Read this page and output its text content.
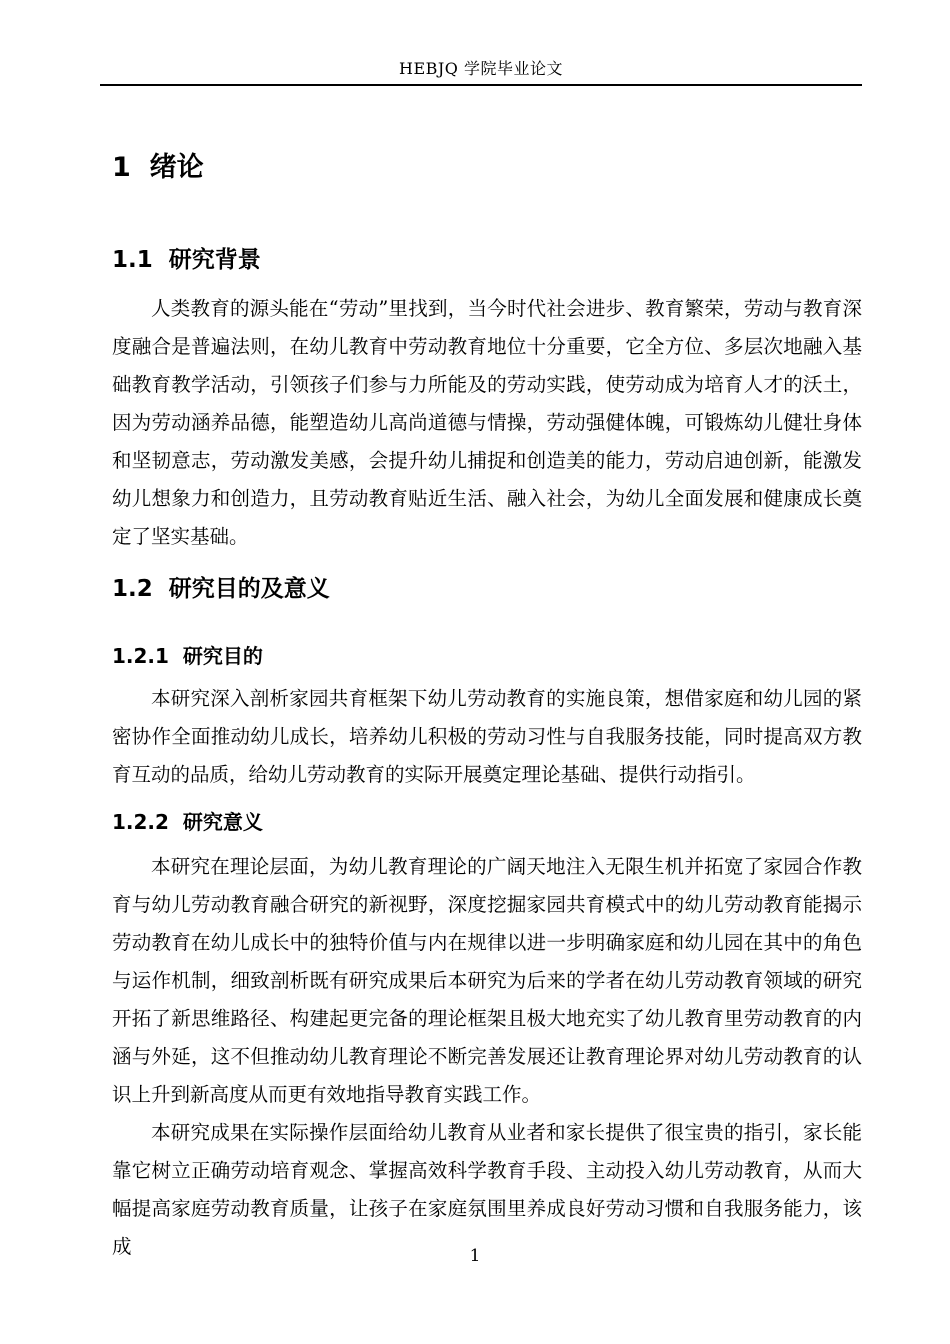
HEBJQ 学院毕业论文
1  绪论
1.1  研究背景

人类教育的源头能在“劳动”里找到，当今时代社会进步、教育繁荣，劳动与教育深度融合是普遍法则，在幼儿教育中劳动教育地位十分重要，它全方位、多层次地融入基础教育教学活动，引领孩子们参与力所能及的劳动实践，使劳动成为培育人才的沃土，因为劳动涵养品德，能塑造幼儿高尚道德与情操，劳动强健体魄，可锻炼幼儿健壮身体和坚韧意志，劳动激发美感，会提升幼儿捕捉和创造美的能力，劳动启迪创新，能激发幼儿想象力和创造力，且劳动教育贴近生活、融入社会，为幼儿全面发展和健康成长奠定了坚实基础。

1.2  研究目的及意义
1.2.1  研究目的

本研究深入剖析家园共育框架下幼儿劳动教育的实施良策，想借家庭和幼儿园的紧密协作全面推动幼儿成长，培养幼儿积极的劳动习性与自我服务技能，同时提高双方教育互动的品质，给幼儿劳动教育的实际开展奠定理论基础、提供行动指引。

1.2.2  研究意义

本研究在理论层面，为幼儿教育理论的广阔天地注入无限生机并拓宽了家园合作教育与幼儿劳动教育融合研究的新视野，深度挖掘家园共育模式中的幼儿劳动教育能揭示劳动教育在幼儿成长中的独特价值与内在规律以进一步明确家庭和幼儿园在其中的角色与运作机制，细致剖析既有研究成果后本研究为后来的学者在幼儿劳动教育领域的研究开拓了新思维路径、构建起更完备的理论框架且极大地充实了幼儿教育里劳动教育的内涵与外延，这不但推动幼儿教育理论不断完善发展还让教育理论界对幼儿劳动教育的认识上升到新高度从而更有效地指导教育实践工作。

本研究成果在实际操作层面给幼儿教育从业者和家长提供了很宝贵的指引，家长能靠它树立正确劳动培育观念、掌握高效科学教育手段、主动投入幼儿劳动教育，从而大幅提高家庭劳动教育质量，让孩子在家庭氛围里养成良好劳动习惯和自我服务能力，该成	1
